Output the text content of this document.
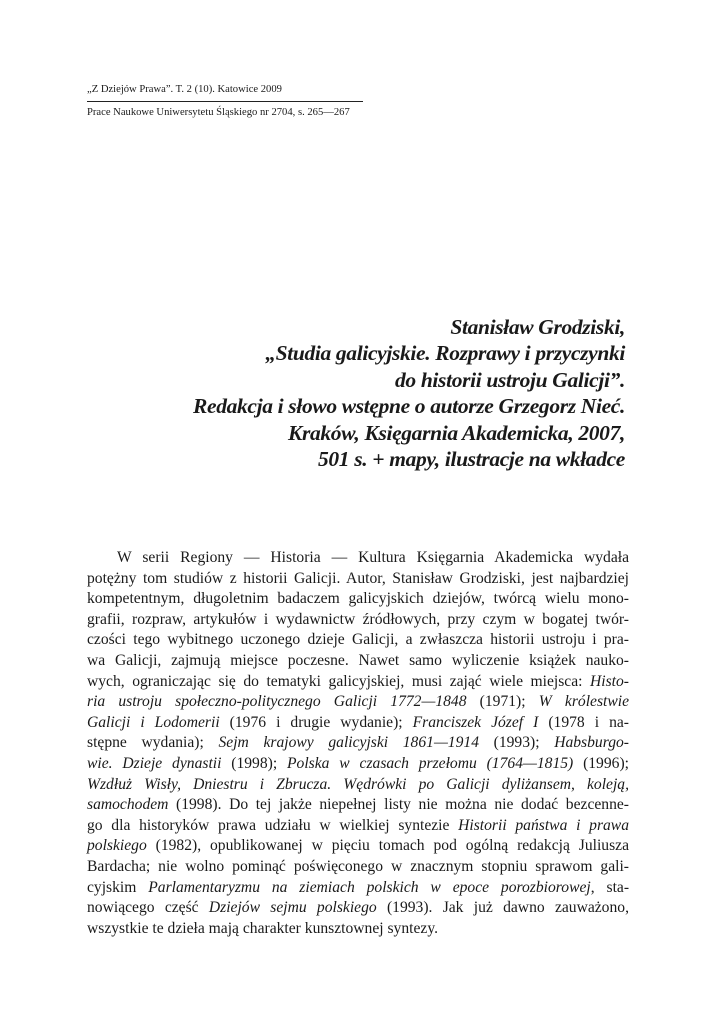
„Z Dziejów Prawa”. T. 2 (10). Katowice 2009
Prace Naukowe Uniwersytetu Śląskiego nr 2704, s. 265—267
Stanisław Grodziski,
„Studia galicyjskie. Rozprawy i przyczynki
do historii ustroju Galicji”.
Redakcja i słowo wstępne o autorze Grzegorz Nieć.
Kraków, Księgarnia Akademicka, 2007,
501 s. + mapy, ilustracje na wkładce
W serii Regiony — Historia — Kultura Księgarnia Akademicka wydała
potężny tom studiów z historii Galicji. Autor, Stanisław Grodziski, jest najbardziej
kompetentnym, długoletnim badaczem galicyjskich dziejów, twórcą wielu mono-
grafii, rozpraw, artykułów i wydawnictw źródłowych, przy czym w bogatej twór-
czości tego wybitnego uczonego dzieje Galicji, a zwłaszcza historii ustroju i pra-
wa Galicji, zajmują miejsce poczesne. Nawet samo wyliczenie książek nauko-
wych, ograniczając się do tematyki galicyjskiej, musi zająć wiele miejsca: Histo-
ria ustroju społeczno-politycznego Galicji 1772—1848 (1971); W królestwie
Galicji i Lodomerii (1976 i drugie wydanie); Franciszek Józef I (1978 i na-
stępne wydania); Sejm krajowy galicyjski 1861—1914 (1993); Habsburgo-
wie. Dzieje dynastii (1998); Polska w czasach przełomu (1764—1815) (1996);
Wzdłuż Wisły, Dniestru i Zbrucza. Wędrówki po Galicji dyliżansem, koleją,
samochodem (1998). Do tej jakże niepełnej listy nie można nie dodać bezcenne-
go dla historyków prawa udziału w wielkiej syntezie Historii państwa i prawa
polskiego (1982), opublikowanej w pięciu tomach pod ogólną redakcją Juliusza
Bardacha; nie wolno pominąć poświęconego w znacznym stopniu sprawom gali-
cyjskim Parlamentaryzmu na ziemiach polskich w epoce porozbiorowej, sta-
nowiącego część Dziejów sejmu polskiego (1993). Jak już dawno zauważono,
wszystkie te dzieła mają charakter kunsztownej syntezy.
